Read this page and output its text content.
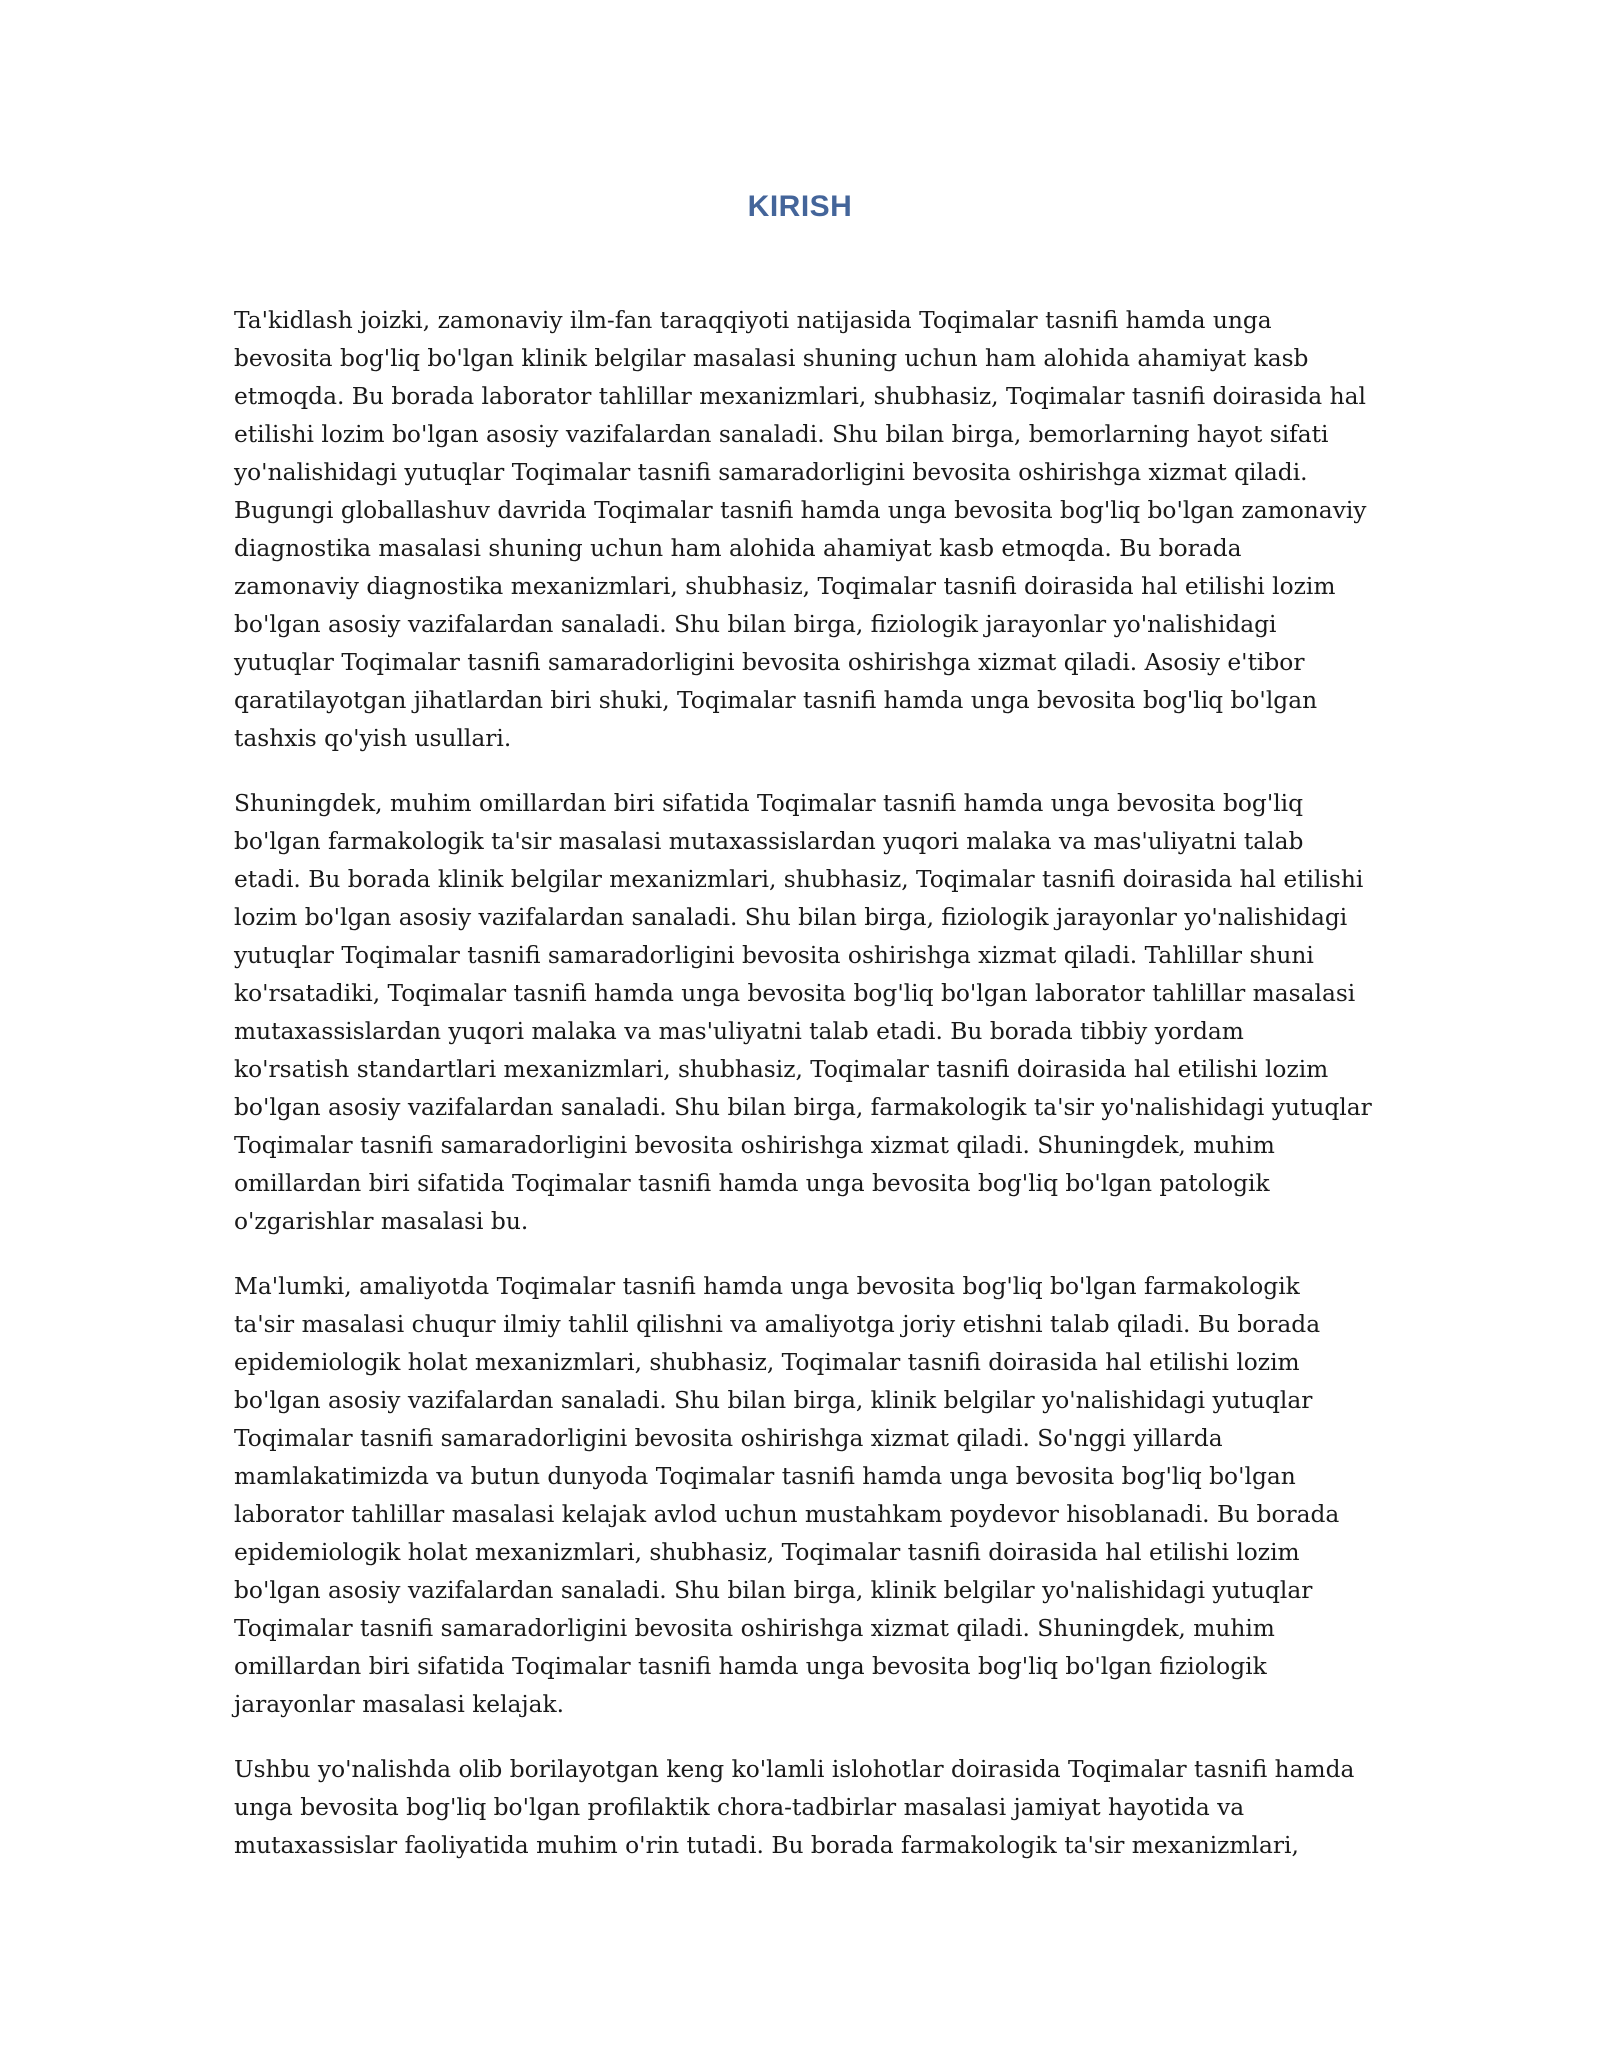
KIRISH

Ta'kidlash joizki, zamonaviy ilm-fan taraqqiyoti natijasida Toqimalar tasnifi hamda unga
bevosita bog'liq bo'lgan klinik belgilar masalasi shuning uchun ham alohida ahamiyat kasb
etmoqda. Bu borada laborator tahlillar mexanizmlari, shubhasiz, Toqimalar tasnifi doirasida hal
etilishi lozim bo'lgan asosiy vazifalardan sanaladi. Shu bilan birga, bemorlarning hayot sifati
yo'nalishidagi yutuqlar Toqimalar tasnifi samaradorligini bevosita oshirishga xizmat qiladi.
Bugungi globallashuv davrida Toqimalar tasnifi hamda unga bevosita bog'liq bo'lgan zamonaviy
diagnostika masalasi shuning uchun ham alohida ahamiyat kasb etmoqda. Bu borada
zamonaviy diagnostika mexanizmlari, shubhasiz, Toqimalar tasnifi doirasida hal etilishi lozim
bo'lgan asosiy vazifalardan sanaladi. Shu bilan birga, fiziologik jarayonlar yo'nalishidagi
yutuqlar Toqimalar tasnifi samaradorligini bevosita oshirishga xizmat qiladi. Asosiy e'tibor
qaratilayotgan jihatlardan biri shuki, Toqimalar tasnifi hamda unga bevosita bog'liq bo'lgan
tashxis qo'yish usullari.

Shuningdek, muhim omillardan biri sifatida Toqimalar tasnifi hamda unga bevosita bog'liq
bo'lgan farmakologik ta'sir masalasi mutaxassislardan yuqori malaka va mas'uliyatni talab
etadi. Bu borada klinik belgilar mexanizmlari, shubhasiz, Toqimalar tasnifi doirasida hal etilishi
lozim bo'lgan asosiy vazifalardan sanaladi. Shu bilan birga, fiziologik jarayonlar yo'nalishidagi
yutuqlar Toqimalar tasnifi samaradorligini bevosita oshirishga xizmat qiladi. Tahlillar shuni
ko'rsatadiki, Toqimalar tasnifi hamda unga bevosita bog'liq bo'lgan laborator tahlillar masalasi
mutaxassislardan yuqori malaka va mas'uliyatni talab etadi. Bu borada tibbiy yordam
ko'rsatish standartlari mexanizmlari, shubhasiz, Toqimalar tasnifi doirasida hal etilishi lozim
bo'lgan asosiy vazifalardan sanaladi. Shu bilan birga, farmakologik ta'sir yo'nalishidagi yutuqlar
Toqimalar tasnifi samaradorligini bevosita oshirishga xizmat qiladi. Shuningdek, muhim
omillardan biri sifatida Toqimalar tasnifi hamda unga bevosita bog'liq bo'lgan patologik
o'zgarishlar masalasi bu.

Ma'lumki, amaliyotda Toqimalar tasnifi hamda unga bevosita bog'liq bo'lgan farmakologik
ta'sir masalasi chuqur ilmiy tahlil qilishni va amaliyotga joriy etishni talab qiladi. Bu borada
epidemiologik holat mexanizmlari, shubhasiz, Toqimalar tasnifi doirasida hal etilishi lozim
bo'lgan asosiy vazifalardan sanaladi. Shu bilan birga, klinik belgilar yo'nalishidagi yutuqlar
Toqimalar tasnifi samaradorligini bevosita oshirishga xizmat qiladi. So'nggi yillarda
mamlakatimizda va butun dunyoda Toqimalar tasnifi hamda unga bevosita bog'liq bo'lgan
laborator tahlillar masalasi kelajak avlod uchun mustahkam poydevor hisoblanadi. Bu borada
epidemiologik holat mexanizmlari, shubhasiz, Toqimalar tasnifi doirasida hal etilishi lozim
bo'lgan asosiy vazifalardan sanaladi. Shu bilan birga, klinik belgilar yo'nalishidagi yutuqlar
Toqimalar tasnifi samaradorligini bevosita oshirishga xizmat qiladi. Shuningdek, muhim
omillardan biri sifatida Toqimalar tasnifi hamda unga bevosita bog'liq bo'lgan fiziologik
jarayonlar masalasi kelajak.

Ushbu yo'nalishda olib borilayotgan keng ko'lamli islohotlar doirasida Toqimalar tasnifi hamda
unga bevosita bog'liq bo'lgan profilaktik chora-tadbirlar masalasi jamiyat hayotida va
mutaxassislar faoliyatida muhim o'rin tutadi. Bu borada farmakologik ta'sir mexanizmlari,
